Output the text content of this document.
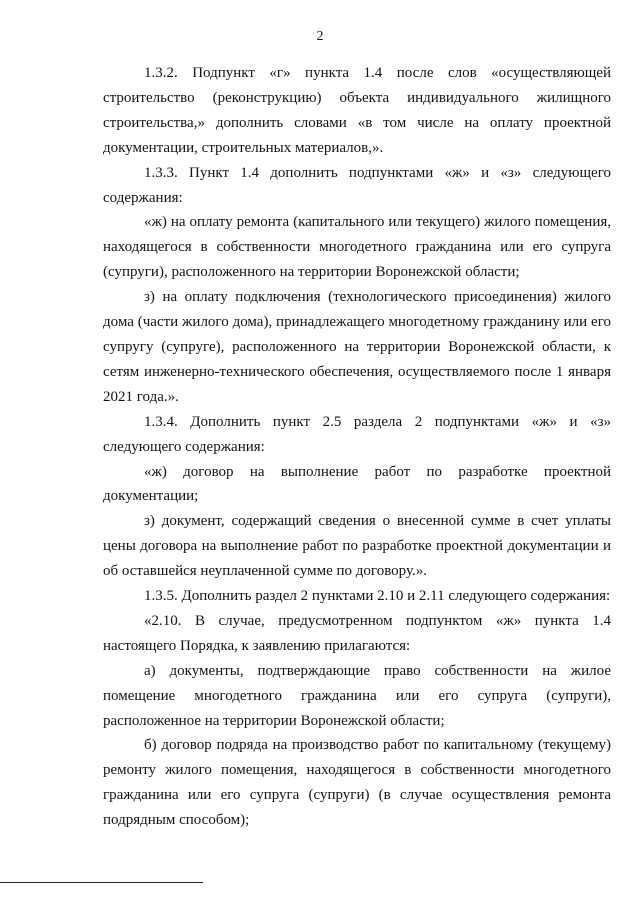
2

1.3.2. Подпункт «г» пункта 1.4 после слов «осуществляющей строительство (реконструкцию) объекта индивидуального жилищного строительства,» дополнить словами «в том числе на оплату проектной документации, строительных материалов,».

1.3.3. Пункт 1.4 дополнить подпунктами «ж» и «з» следующего содержания:

«ж) на оплату ремонта (капитального или текущего) жилого помещения, находящегося в собственности многодетного гражданина или его супруга (супруги), расположенного на территории Воронежской области;

з) на оплату подключения (технологического присоединения) жилого дома (части жилого дома), принадлежащего многодетному гражданину или его супругу (супруге), расположенного на территории Воронежской области, к сетям инженерно-технического обеспечения, осуществляемого после 1 января 2021 года.».

1.3.4. Дополнить пункт 2.5 раздела 2 подпунктами «ж» и «з» следующего содержания:

«ж) договор на выполнение работ по разработке проектной документации;

з) документ, содержащий сведения о внесенной сумме в счет уплаты цены договора на выполнение работ по разработке проектной документации и об оставшейся неуплаченной сумме по договору.».

1.3.5. Дополнить раздел 2 пунктами 2.10 и 2.11 следующего содержания:

«2.10. В случае, предусмотренном подпунктом «ж» пункта 1.4 настоящего Порядка, к заявлению прилагаются:

а) документы, подтверждающие право собственности на жилое помещение многодетного гражданина или его супруга (супруги), расположенное на территории Воронежской области;

б) договор подряда на производство работ по капитальному (текущему) ремонту жилого помещения, находящегося в собственности многодетного гражданина или его супруга (супруги) (в случае осуществления ремонта подрядным способом);
